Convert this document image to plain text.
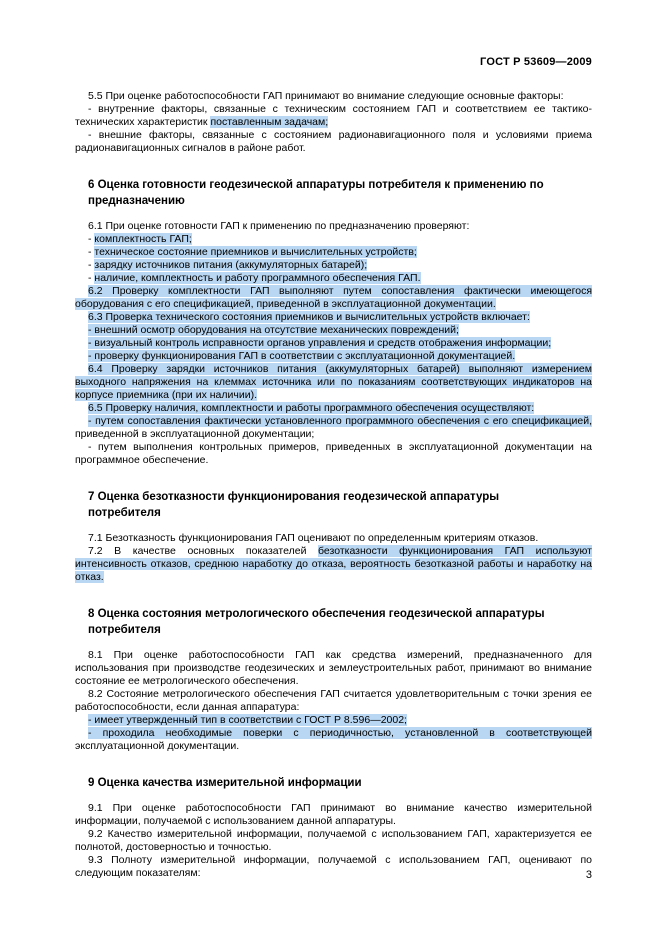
ГОСТ Р 53609—2009

5.5 При оценке работоспособности ГАП принимают во внимание следующие основные факторы:

- внутренние факторы, связанные с техническим состоянием ГАП и соответствием ее тактико-технических характеристик поставленным задачам;

- внешние факторы, связанные с состоянием радионавигационного поля и условиями приема радионавигационных сигналов в районе работ.

6 Оценка готовности геодезической аппаратуры потребителя к применению по предназначению

6.1 При оценке готовности ГАП к применению по предназначению проверяют:

- комплектность ГАП;

- техническое состояние приемников и вычислительных устройств;

- зарядку источников питания (аккумуляторных батарей);

- наличие, комплектность и работу программного обеспечения ГАП.

6.2 Проверку комплектности ГАП выполняют путем сопоставления фактически имеющегося оборудования с его спецификацией, приведенной в эксплуатационной документации.

6.3 Проверка технического состояния приемников и вычислительных устройств включает:

- внешний осмотр оборудования на отсутствие механических повреждений;

- визуальный контроль исправности органов управления и средств отображения информации;

- проверку функционирования ГАП в соответствии с эксплуатационной документацией.

6.4 Проверку зарядки источников питания (аккумуляторных батарей) выполняют измерением выходного напряжения на клеммах источника или по показаниям соответствующих индикаторов на корпусе приемника (при их наличии).

6.5 Проверку наличия, комплектности и работы программного обеспечения осуществляют:

- путем сопоставления фактически установленного программного обеспечения с его спецификацией, приведенной в эксплуатационной документации;

- путем выполнения контрольных примеров, приведенных в эксплуатационной документации на программное обеспечение.

7 Оценка безотказности функционирования геодезической аппаратуры потребителя

7.1 Безотказность функционирования ГАП оценивают по определенным критериям отказов.

7.2 В качестве основных показателей безотказности функционирования ГАП используют интенсивность отказов, среднюю наработку до отказа, вероятность безотказной работы и наработку на отказ.

8 Оценка состояния метрологического обеспечения геодезической аппаратуры потребителя

8.1 При оценке работоспособности ГАП как средства измерений, предназначенного для использования при производстве геодезических и землеустроительных работ, принимают во внимание состояние ее метрологического обеспечения.

8.2 Состояние метрологического обеспечения ГАП считается удовлетворительным с точки зрения ее работоспособности, если данная аппаратура:

- имеет утвержденный тип в соответствии с ГОСТ Р 8.596—2002;

- проходила необходимые поверки с периодичностью, установленной в соответствующей эксплуатационной документации.

9 Оценка качества измерительной информации

9.1 При оценке работоспособности ГАП принимают во внимание качество измерительной информации, получаемой с использованием данной аппаратуры.

9.2 Качество измерительной информации, получаемой с использованием ГАП, характеризуется ее полнотой, достоверностью и точностью.

9.3 Полноту измерительной информации, получаемой с использованием ГАП, оценивают по следующим показателям:	3
